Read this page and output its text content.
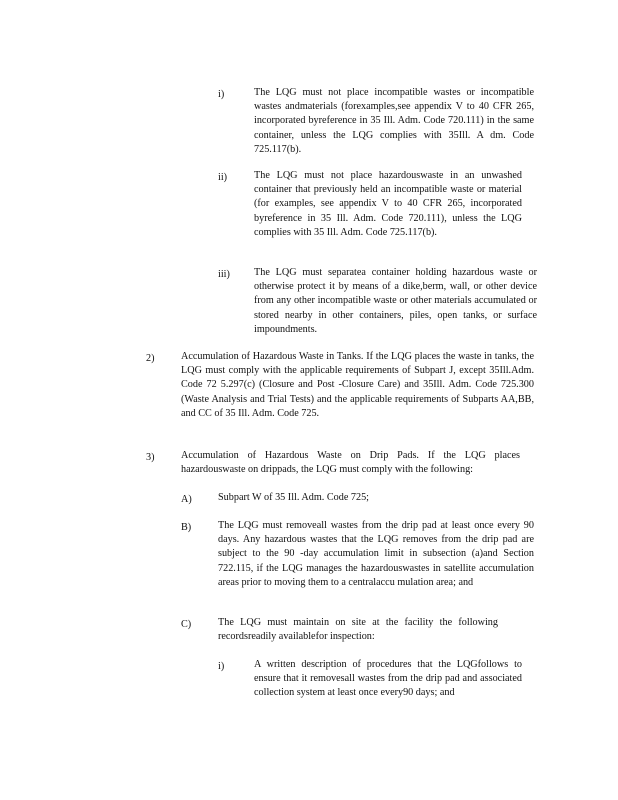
i)	The LQG must not place incompatible wastes or incompatible wastes andmaterials (forexamples,see appendix V to 40 CFR 265, incorporated byreference in 35 Ill. Adm. Code 720.111) in the same container, unless the LQG complies with 35Ill. A dm. Code 725.117(b).
ii)	The LQG must not place hazardouswaste in an unwashed container that previously held an incompatible waste or material (for examples, see appendix V to 40 CFR 265, incorporated byreference in 35 Ill. Adm. Code 720.111), unless the LQG complies with 35 Ill. Adm. Code 725.117(b).
iii) The LQG must separatea container holding hazardous waste or otherwise protect it by means of a dike,berm, wall, or other device from any other incompatible waste or other materials accumulated or stored nearby in other containers, piles, open tanks, or surface impoundments.
2)	Accumulation of Hazardous Waste in Tanks. If the LQG places the waste in tanks, the LQG must comply with the applicable requirements of Subpart J, except 35Ill.Adm. Code 72 5.297(c) (Closure and Post -Closure Care) and 35Ill. Adm. Code 725.300 (Waste Analysis and Trial Tests) and the applicable requirements of Subparts AA,BB, and CC of 35 Ill. Adm. Code 725.
3)	Accumulation of Hazardous Waste on Drip Pads. If the LQG places hazardouswaste on drippads, the LQG must comply with the following:
A)	Subpart W of 35 Ill. Adm. Code 725;
B)	The LQG must removeall wastes from the drip pad at least once every 90 days. Any hazardous wastes that the LQG removes from the drip pad are subject to the 90 -day accumulation limit in subsection (a)and Section 722.115, if the LQG manages the hazardouswastes in satellite accumulation areas prior to moving them to a centralaccu mulation area; and
C)	The LQG must maintain on site at the facility the following recordsreadily availablefor inspection:
i)	A written description of procedures that the LQGfollows to ensure that it removesall wastes from the drip pad and associated collection system at least once every90 days; and
